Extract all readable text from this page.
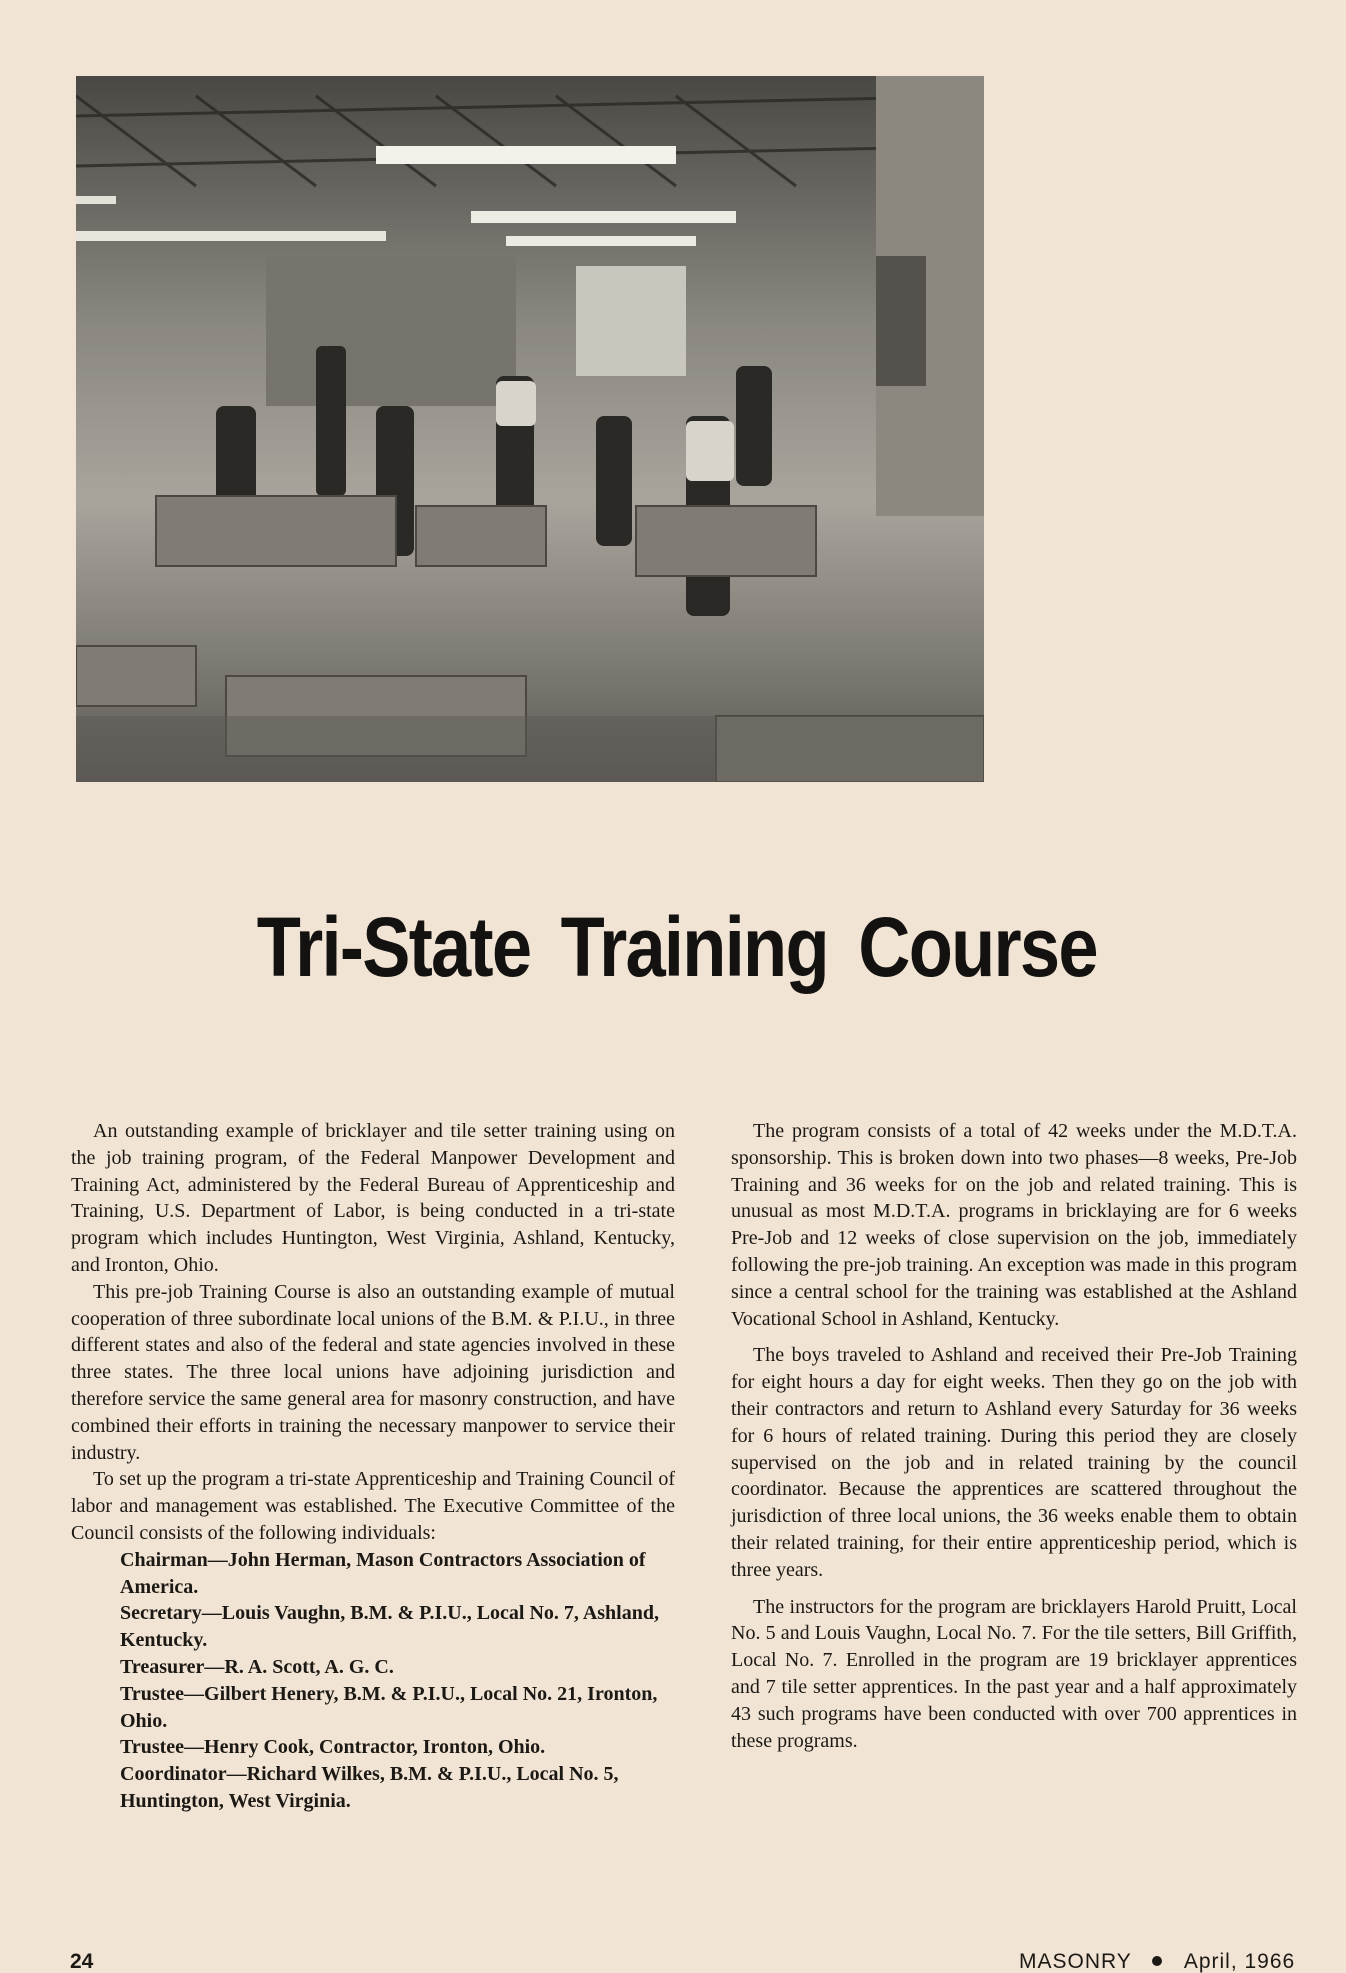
Tri-State Training Course

An outstanding example of bricklayer and tile setter training using on the job training program, of the Federal Manpower Development and Training Act, administered by the Federal Bureau of Apprenticeship and Training, U.S. Department of Labor, is being conducted in a tri-state program which includes Huntington, West Virginia, Ashland, Kentucky, and Ironton, Ohio.

This pre-job Training Course is also an outstanding example of mutual cooperation of three subordinate local unions of the B.M. & P.I.U., in three different states and also of the federal and state agencies involved in these three states. The three local unions have adjoining jurisdiction and therefore service the same general area for masonry construction, and have combined their efforts in training the necessary manpower to service their industry.

To set up the program a tri-state Apprenticeship and Training Council of labor and management was established. The Executive Committee of the Council consists of the following individuals:

Chairman—John Herman, Mason Contractors Association of America.
Secretary—Louis Vaughn, B.M. & P.I.U., Local No. 7, Ashland, Kentucky.
Treasurer—R. A. Scott, A. G. C.
Trustee—Gilbert Henery, B.M. & P.I.U., Local No. 21, Ironton, Ohio.
Trustee—Henry Cook, Contractor, Ironton, Ohio.
Coordinator—Richard Wilkes, B.M. & P.I.U., Local No. 5, Huntington, West Virginia.

The program consists of a total of 42 weeks under the M.D.T.A. sponsorship. This is broken down into two phases—8 weeks, Pre-Job Training and 36 weeks for on the job and related training. This is unusual as most M.D.T.A. programs in bricklaying are for 6 weeks Pre-Job and 12 weeks of close supervision on the job, immediately following the pre-job training. An exception was made in this program since a central school for the training was established at the Ashland Vocational School in Ashland, Kentucky.

The boys traveled to Ashland and received their Pre-Job Training for eight hours a day for eight weeks. Then they go on the job with their contractors and return to Ashland every Saturday for 36 weeks for 6 hours of related training. During this period they are closely supervised on the job and in related training by the council coordinator. Because the apprentices are scattered throughout the jurisdiction of three local unions, the 36 weeks enable them to obtain their related training, for their entire apprenticeship period, which is three years.

The instructors for the program are bricklayers Harold Pruitt, Local No. 5 and Louis Vaughn, Local No. 7. For the tile setters, Bill Griffith, Local No. 7. Enrolled in the program are 19 bricklayer apprentices and 7 tile setter apprentices. In the past year and a half approximately 43 such programs have been conducted with over 700 apprentices in these programs.

24	MASONRY April, 1966
